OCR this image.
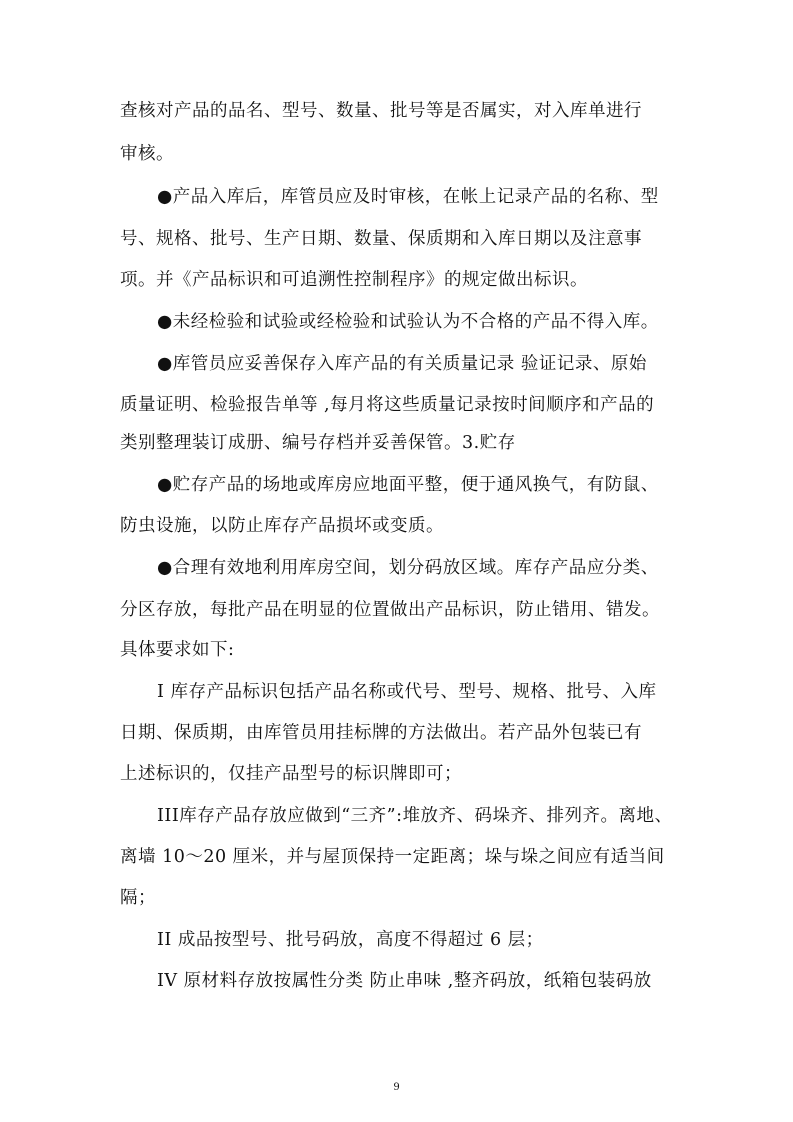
查核对产品的品名、型号、数量、批号等是否属实，对入库单进行
审核。
●产品入库后，库管员应及时审核，在帐上记录产品的名称、型
号、规格、批号、生产日期、数量、保质期和入库日期以及注意事
项。并《产品标识和可追溯性控制程序》的规定做出标识。
●未经检验和试验或经检验和试验认为不合格的产品不得入库。
●库管员应妥善保存入库产品的有关质量记录 验证记录、原始
质量证明、检验报告单等 ,每月将这些质量记录按时间顺序和产品的
类别整理装订成册、编号存档并妥善保管。3.贮存
●贮存产品的场地或库房应地面平整，便于通风换气，有防鼠、
防虫设施，以防止库存产品损坏或变质。
●合理有效地利用库房空间，划分码放区域。库存产品应分类、
分区存放，每批产品在明显的位置做出产品标识，防止错用、错发。
具体要求如下:
I 库存产品标识包括产品名称或代号、型号、规格、批号、入库
日期、保质期，由库管员用挂标牌的方法做出。若产品外包装已有
上述标识的，仅挂产品型号的标识牌即可；
III库存产品存放应做到“三齐”:堆放齐、码垛齐、排列齐。离地、
离墙 10～20 厘米，并与屋顶保持一定距离；垛与垛之间应有适当间
隔；
II 成品按型号、批号码放，高度不得超过 6 层；
IV 原材料存放按属性分类 防止串味 ,整齐码放，纸箱包装码放
9
